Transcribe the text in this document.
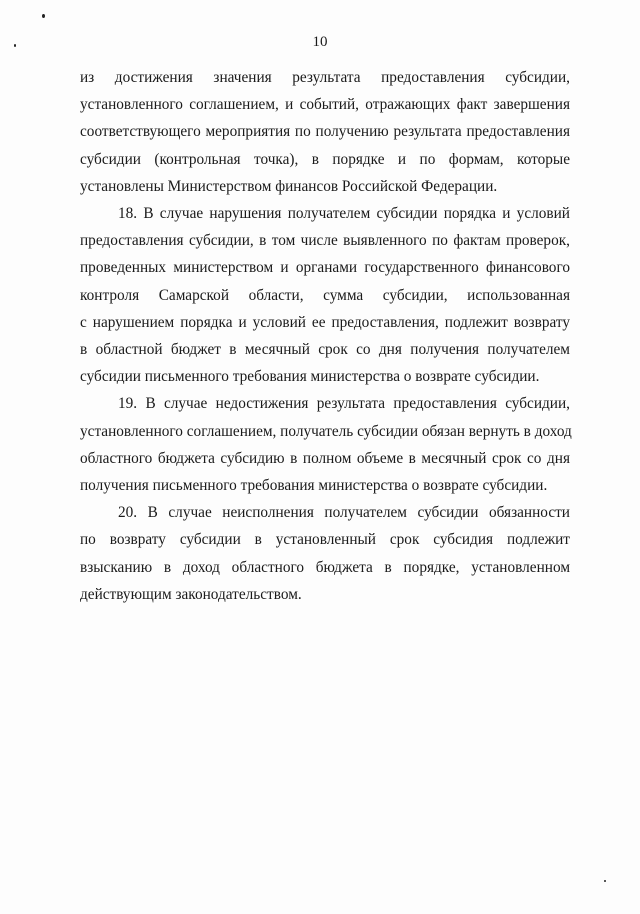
10
из достижения значения результата предоставления субсидии,
установленного соглашением, и событий, отражающих факт завершения
соответствующего мероприятия по получению результата предоставления
субсидии (контрольная точка), в порядке и по формам, которые
установлены Министерством финансов Российской Федерации.
18. В случае нарушения получателем субсидии порядка и условий
предоставления субсидии, в том числе выявленного по фактам проверок,
проведенных министерством и органами государственного финансового
контроля Самарской области, сумма субсидии, использованная
с нарушением порядка и условий ее предоставления, подлежит возврату
в областной бюджет в месячный срок со дня получения получателем
субсидии письменного требования министерства о возврате субсидии.
19. В случае недостижения результата предоставления субсидии,
установленного соглашением, получатель субсидии обязан вернуть в доход
областного бюджета субсидию в полном объеме в месячный срок со дня
получения письменного требования министерства о возврате субсидии.
20. В случае неисполнения получателем субсидии обязанности
по возврату субсидии в установленный срок субсидия подлежит
взысканию в доход областного бюджета в порядке, установленном
действующим законодательством.
